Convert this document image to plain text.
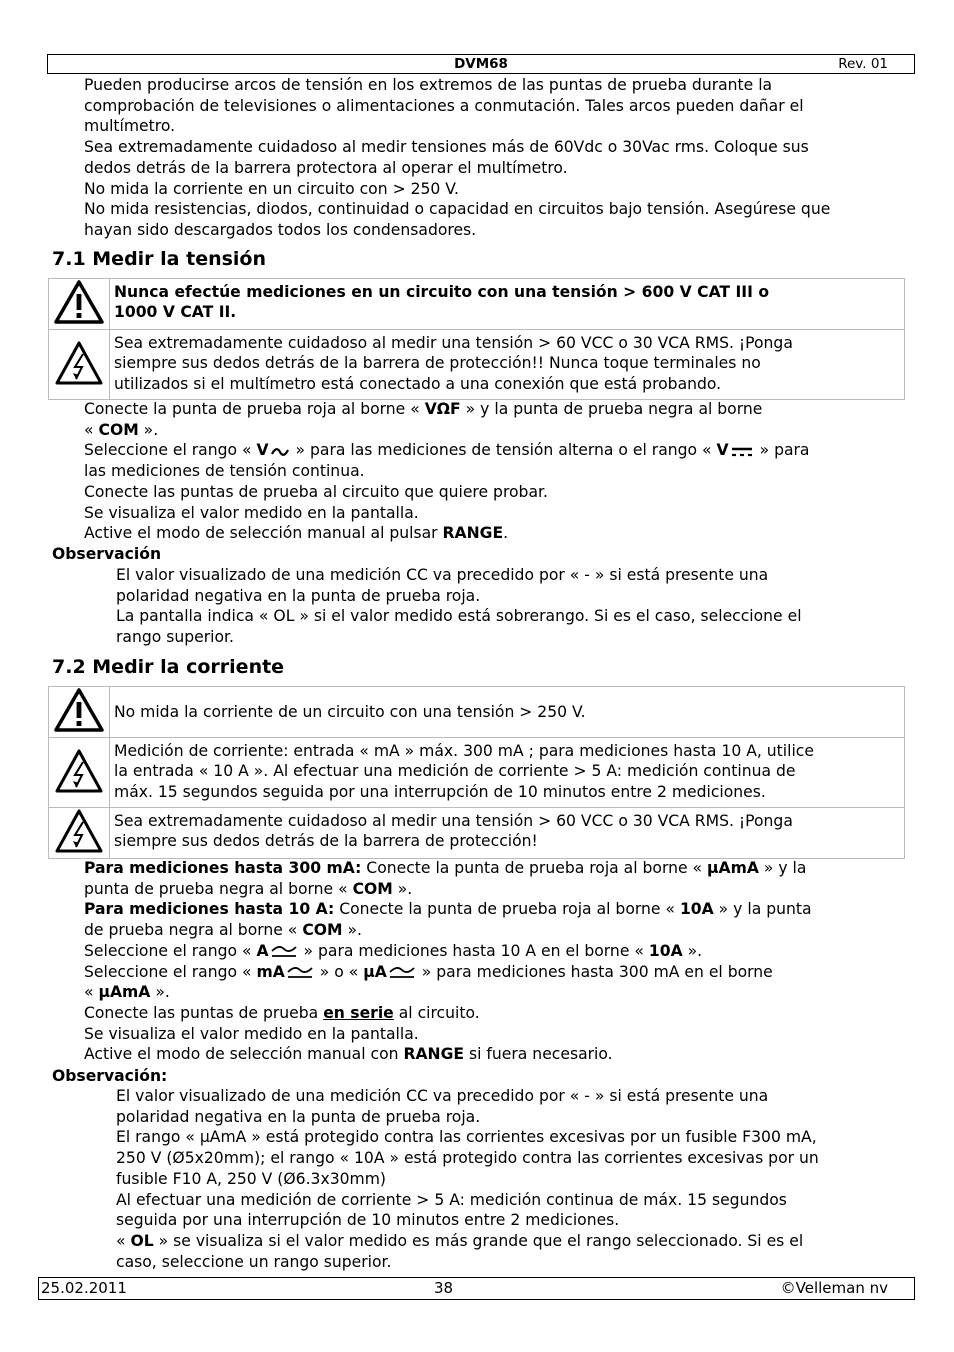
DVM68	Rev. 01
Pueden producirse arcos de tensión en los extremos de las puntas de prueba durante la
comprobación de televisiones o alimentaciones a conmutación. Tales arcos pueden dañar el
multímetro.
Sea extremadamente cuidadoso al medir tensiones más de 60Vdc o 30Vac rms. Coloque sus
dedos detrás de la barrera protectora al operar el multímetro.
No mida la corriente en un circuito con > 250 V.
No mida resistencias, diodos, continuidad o capacidad en circuitos bajo tensión. Asegúrese que
hayan sido descargados todos los condensadores.
7.1 Medir la tensión

Nunca efectúe mediciones en un circuito con una tensión > 600 V CAT III o
1000 V CAT II.

Sea extremadamente cuidadoso al medir una tensión > 60 VCC o 30 VCA RMS. ¡Ponga
siempre sus dedos detrás de la barrera de protección!! Nunca toque terminales no
utilizados si el multímetro está conectado a una conexión que está probando.
Conecte la punta de prueba roja al borne « VΩF » y la punta de prueba negra al borne
« COM ».
Seleccione el rango « V » para las mediciones de tensión alterna o el rango « V » para
las mediciones de tensión continua.
Conecte las puntas de prueba al circuito que quiere probar.
Se visualiza el valor medido en la pantalla.
Active el modo de selección manual al pulsar RANGE.
Observación
El valor visualizado de una medición CC va precedido por « - » si está presente una
polaridad negativa en la punta de prueba roja.
La pantalla indica « OL » si el valor medido está sobrerango. Si es el caso, seleccione el
rango superior.
7.2 Medir la corriente
	No mida la corriente de un circuito con una tensión > 250 V.

Medición de corriente: entrada « mA » máx. 300 mA ; para mediciones hasta 10 A, utilice
la entrada « 10 A ». Al efectuar una medición de corriente > 5 A: medición continua de
máx. 15 segundos seguida por una interrupción de 10 minutos entre 2 mediciones.

Sea extremadamente cuidadoso al medir una tensión > 60 VCC o 30 VCA RMS. ¡Ponga
siempre sus dedos detrás de la barrera de protección!
Para mediciones hasta 300 mA: Conecte la punta de prueba roja al borne « µAmA » y la
punta de prueba negra al borne « COM ».
Para mediciones hasta 10 A: Conecte la punta de prueba roja al borne « 10A » y la punta
de prueba negra al borne « COM ».
Seleccione el rango « A » para mediciones hasta 10 A en el borne « 10A ».
Seleccione el rango « mA » o « µA » para mediciones hasta 300 mA en el borne
« µAmA ».
Conecte las puntas de prueba en serie al circuito.
Se visualiza el valor medido en la pantalla.
Active el modo de selección manual con RANGE si fuera necesario.
Observación:
El valor visualizado de una medición CC va precedido por « - » si está presente una
polaridad negativa en la punta de prueba roja.
El rango « µAmA » está protegido contra las corrientes excesivas por un fusible F300 mA,
250 V (Ø5x20mm); el rango « 10A » está protegido contra las corrientes excesivas por un
fusible F10 A, 250 V (Ø6.3x30mm)
Al efectuar una medición de corriente > 5 A: medición continua de máx. 15 segundos
seguida por una interrupción de 10 minutos entre 2 mediciones.
« OL » se visualiza si el valor medido es más grande que el rango seleccionado. Si es el
caso, seleccione un rango superior.
25.02.2011	38	©Velleman nv
